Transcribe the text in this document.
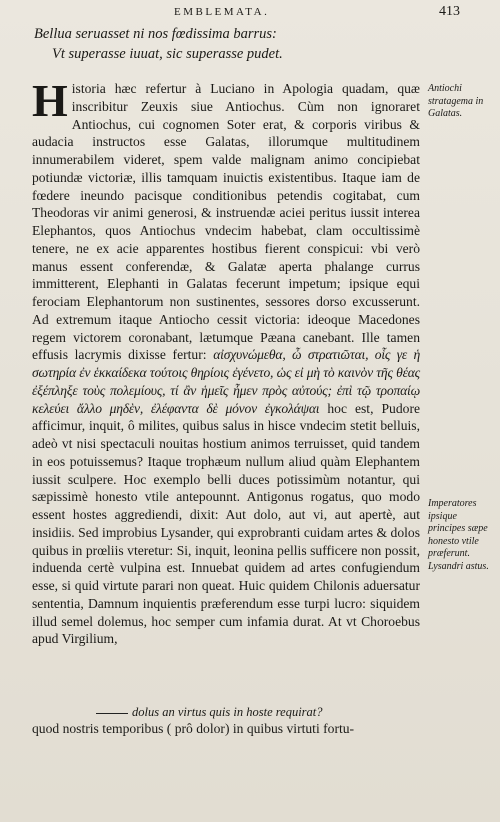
EMBLEMATA.	413
Bellua seruasset ni nos fœdissima barrus:
Vt superasse iuuat, sic superasse pudet.
Historia hæc refertur à Luciano in Apologia quadam, quæ inscribitur Zeuxis siue Antiochus. Cùm non ignoraret Antiochus, cui cognomen Soter erat, & corporis viribus & audacia instructos esse Galatas, illorumque multitudinem innumerabilem videret, spem valde malignam animo concipiebat potiundæ victoriæ, illis tamquam inuictis existentibus. Itaque iam de fœdere ineundo pacisque conditionibus petendis cogitabat, cum Theodoras vir animi generosi, & instruendæ aciei peritus iussit interea Elephantos, quos Antiochus vndecim habebat, clam occultissimè tenere, ne ex acie apparentes hostibus fierent conspicui: vbi verò manus essent conferendæ, & Galatæ aperta phalange currus immitterent, Elephanti in Galatas fecerunt impetum; ipsique equi ferociam Elephantorum non sustinentes, sessores dorso excusserunt. Ad extremum itaque Antiocho cessit victoria: ideoque Macedones regem victorem coronabant, lætumque Pæana canebant. Ille tamen effusis lacrymis dixisse fertur: αἰσχυνώμεθα, ὦ στρατιῶται, οἷς γε ἡ σωτηρία ἐν ἑκκαίδεκα τούτοις θηρίοις ἐγένετο, ὡς εἰ μὴ τὸ καινὸν τῆς θέας ἐξέπληξε τοὺς πολεμίους, τί ἂν ἡμεῖς ἦμεν πρὸς αὐτούς; ἐπὶ τῷ τροπαίῳ κελεύει ἄλλο μηδὲν, ἐλέφαντα δὲ μόνον ἐγκολάψαι hoc est, Pudore afficimur, inquit, ô milites, quibus salus in hisce vndecim stetit belluis, adeò vt nisi spectaculi nouitas hostium animos terruisset, quid tandem in eos potuissemus? Itaque trophæum nullum aliud quàm Elephantem iussit sculpere. Hoc exemplo belli duces potissimùm notantur, qui sæpissimè honesto vtile antepounnt. Antigonus rogatus, quo modo essent hostes aggrediendi, dixit: Aut dolo, aut vi, aut apertè, aut insidiis. Sed improbius Lysander, qui exprobranti cuidam artes & dolos quibus in prœliis vteretur: Si, inquit, leonina pellis sufficere non possit, induenda certè vulpina est. Innuebat quidem ad artes confugiendum esse, si quid virtute parari non queat. Huic quidem Chilonis aduersatur sententia, Damnum inquientis præferendum esse turpi lucro: siquidem illud semel dolemus, hoc semper cum infamia durat. At vt Choroebus apud Virgilium,
Antiochi stratagema in Galatas.
Imperatores ipsique principes sæpe honesto vtile præferunt. Lysandri astus.
dolus an virtus quis in hoste requirat?
quod nostris temporibus ( prô dolor) in quibus virtuti fortu-
